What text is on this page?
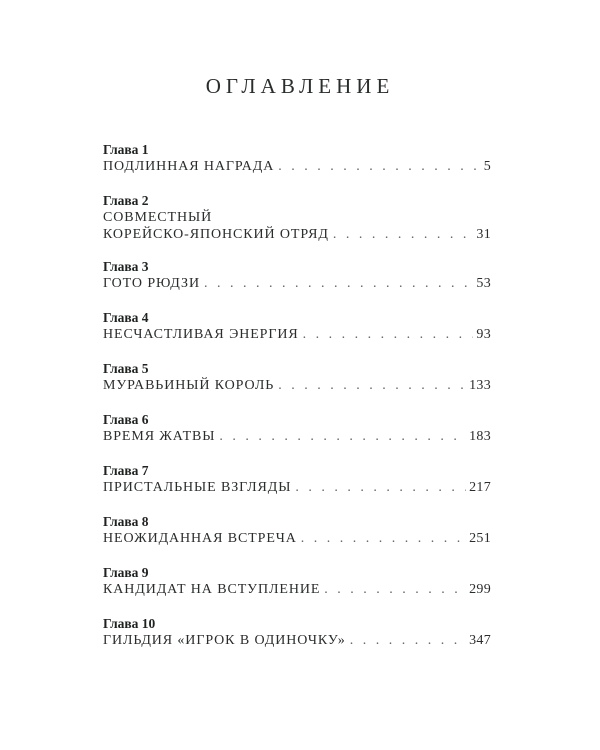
ОГЛАВЛЕНИЕ
Глава 1
ПОДЛИННАЯ НАГРАДА . . .	5
Глава 2
СОВМЕСТНЫЙ
КОРЕЙСКО-ЯПОНСКИЙ ОТРЯД . . .	31
Глава 3
ГОТО РЮДЗИ . . .	53
Глава 4
НЕСЧАСТЛИВАЯ ЭНЕРГИЯ . . .	93
Глава 5
МУРАВЬИНЫЙ КОРОЛЬ . . .	133
Глава 6
ВРЕМЯ ЖАТВЫ . . .	183
Глава 7
ПРИСТАЛЬНЫЕ ВЗГЛЯДЫ . . .	217
Глава 8
НЕОЖИДАННАЯ ВСТРЕЧА . . .	251
Глава 9
КАНДИДАТ НА ВСТУПЛЕНИЕ . . .	299
Глава 10
ГИЛЬДИЯ «ИГРОК В ОДИНОЧКУ» . . .	347
